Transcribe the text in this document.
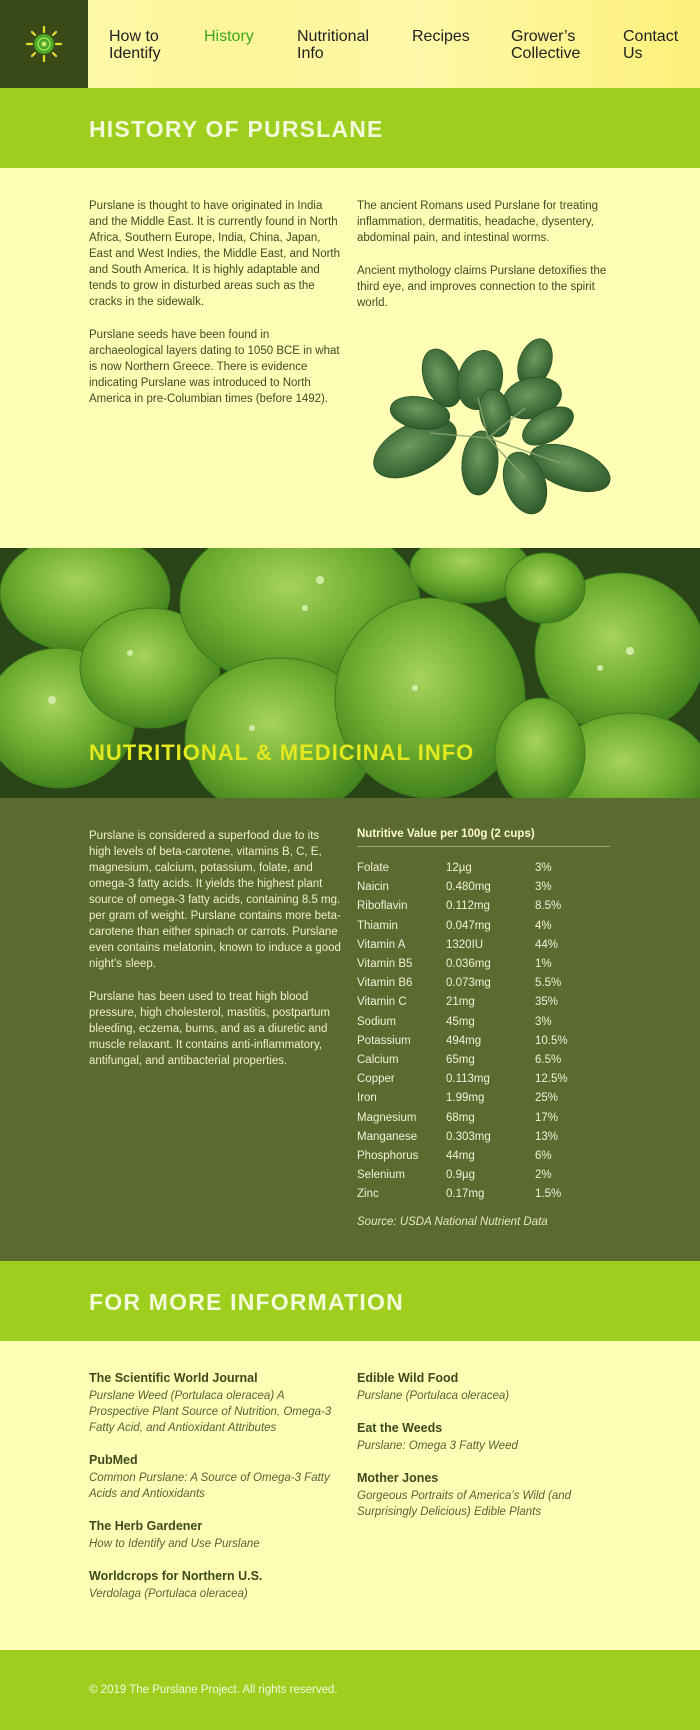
How to
Identify
History	Nutritional
Info
Recipes	Grower’s
Collective
Contact
Us
HISTORY OF PURSLANE

Purslane is thought to have originated in India and the Middle East. It is currently found in North Africa, Southern Europe, India, China, Japan, East and West Indies, the Middle East, and North and South America. It is highly adaptable and tends to grow in disturbed areas such as the cracks in the sidewalk.

Purslane seeds have been found in archaeological layers dating to 1050 BCE in what is now Northern Greece. There is evidence indicating Purslane was introduced to North America in pre-Columbian times (before 1492).

The ancient Romans used Purslane for treating inflammation, dermatitis, headache, dysentery, abdominal pain, and intestinal worms.

Ancient mythology claims Purslane detoxifies the third eye, and improves connection to the spirit world.

NUTRITIONAL & MEDICINAL INFO

Purslane is considered a superfood due to its high levels of beta-carotene, vitamins B, C, E, magnesium, calcium, potassium, folate, and omega-3 fatty acids. It yields the highest plant source of omega-3 fatty acids, containing 8.5 mg. per gram of weight. Purslane contains more beta-carotene than either spinach or carrots. Purslane even contains melatonin, known to induce a good night’s sleep.

Purslane has been used to treat high blood pressure, high cholesterol, mastitis, postpartum bleeding, eczema, burns, and as a diuretic and muscle relaxant. It contains anti-inflammatory, antifungal, and antibacterial properties.

Nutritive Value per 100g (2 cups)
Folate	12µg	3%
Naicin	0.480mg	3%
Riboflavin	0.112mg	8.5%
Thiamin	0.047mg	4%
Vitamin A	1320IU	44%
Vitamin B5	0.036mg	1%
Vitamin B6	0.073mg	5.5%
Vitamin C	21mg	35%
Sodium	45mg	3%
Potassium	494mg	10.5%
Calcium	65mg	6.5%
Copper	0.113mg	12.5%
Iron	1.99mg	25%
Magnesium	68mg	17%
Manganese	0.303mg	13%
Phosphorus 44mg	6%
Selenium	0.9µg	2%
Zinc	0.17mg	1.5%

Source: USDA National Nutrient Data

FOR MORE INFORMATION
The Scientific World Journal

Purslane Weed (Portulaca oleracea) A Prospective Plant Source of Nutrition, Omega-3 Fatty Acid, and Antioxidant Attributes

PubMed

Common Purslane: A Source of Omega-3 Fatty Acids and Antioxidants

The Herb Gardener

How to Identify and Use Purslane

Worldcrops for Northern U.S.

Verdolaga (Portulaca oleracea)

Edible Wild Food

Purslane (Portulaca oleracea)

Eat the Weeds

Purslane: Omega 3 Fatty Weed

Mother Jones

Gorgeous Portraits of America’s Wild (and Surprisingly Delicious) Edible Plants

© 2019 The Purslane Project. All rights reserved.
